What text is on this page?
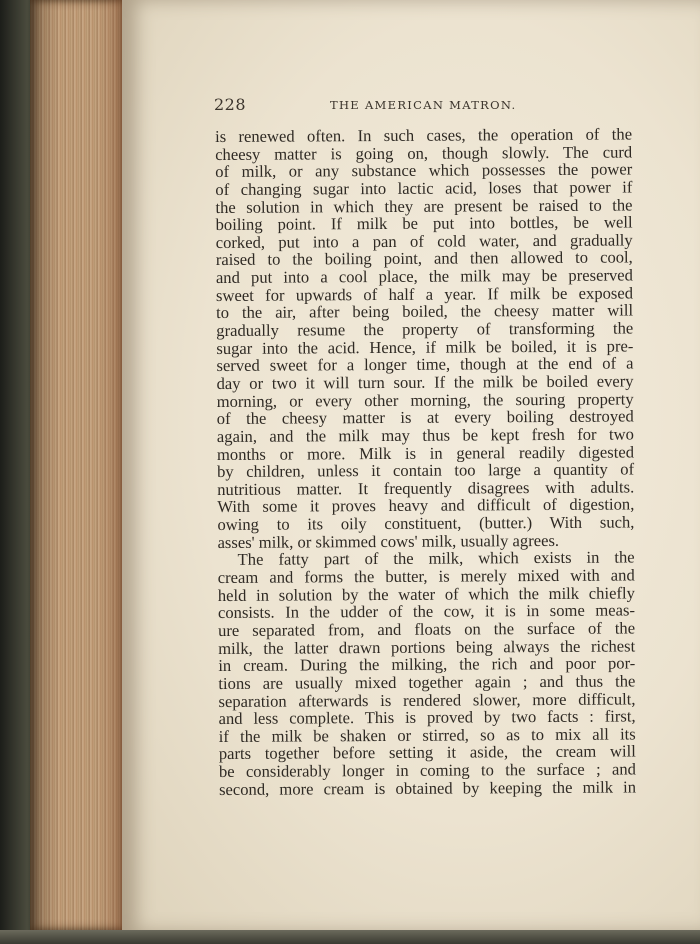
228	THE AMERICAN MATRON.
is renewed often. In such cases, the operation of the
cheesy matter is going on, though slowly. The curd
of milk, or any substance which possesses the power
of changing sugar into lactic acid, loses that power if
the solution in which they are present be raised to the
boiling point. If milk be put into bottles, be well
corked, put into a pan of cold water, and gradually
raised to the boiling point, and then allowed to cool,
and put into a cool place, the milk may be preserved
sweet for upwards of half a year. If milk be exposed
to the air, after being boiled, the cheesy matter will
gradually resume the property of transforming the
sugar into the acid. Hence, if milk be boiled, it is pre-
served sweet for a longer time, though at the end of a
day or two it will turn sour. If the milk be boiled every
morning, or every other morning, the souring property
of the cheesy matter is at every boiling destroyed
again, and the milk may thus be kept fresh for two
months or more. Milk is in general readily digested
by children, unless it contain too large a quantity of
nutritious matter. It frequently disagrees with adults.
With some it proves heavy and difficult of digestion,
owing to its oily constituent, (butter.) With such,
asses' milk, or skimmed cows' milk, usually agrees.
The fatty part of the milk, which exists in the
cream and forms the butter, is merely mixed with and
held in solution by the water of which the milk chiefly
consists. In the udder of the cow, it is in some meas-
ure separated from, and floats on the surface of the
milk, the latter drawn portions being always the richest
in cream. During the milking, the rich and poor por-
tions are usually mixed together again ; and thus the
separation afterwards is rendered slower, more difficult,
and less complete. This is proved by two facts : first,
if the milk be shaken or stirred, so as to mix all its
parts together before setting it aside, the cream will
be considerably longer in coming to the surface ; and
second, more cream is obtained by keeping the milk in
